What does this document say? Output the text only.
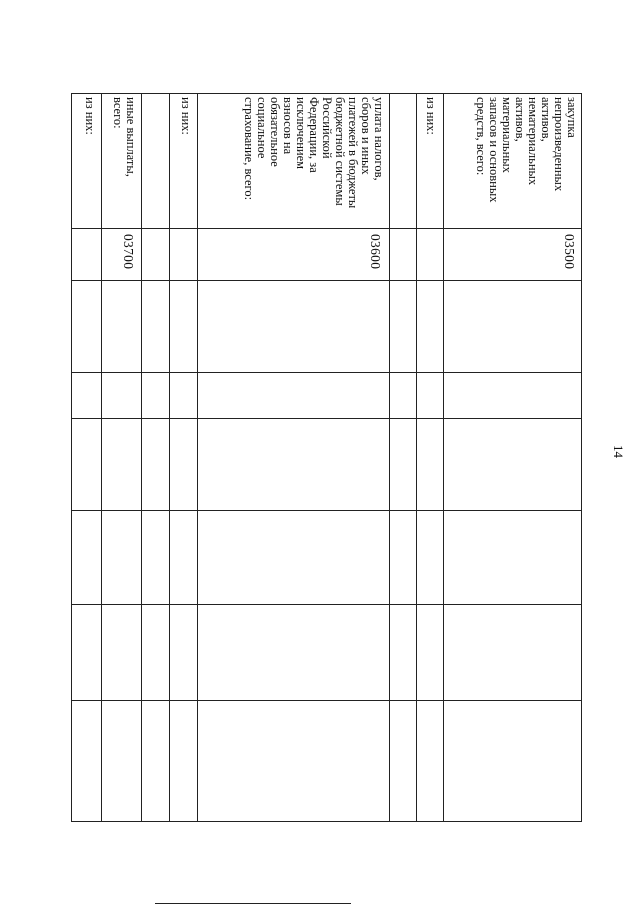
14
закупка
непроизведенных
активов,
нематериальных
активов,
материальных
запасов и основных
средств, всего:
из них:
уплата налогов,
сборов и иных
платежей в бюджеты
бюджетной системы
Российской
Федерации, за
исключением
взносов на
обязательное
социальное
страхование, всего:
из них:
иные выплаты,
всего:
из них:
03500
03600
03700
